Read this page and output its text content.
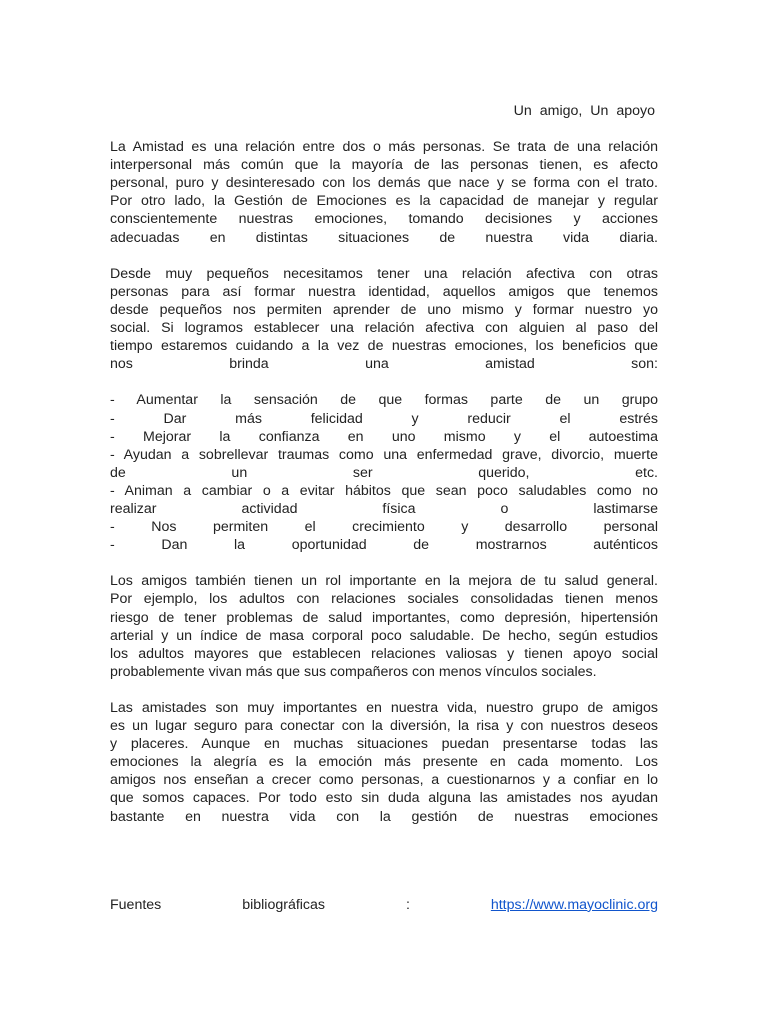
Un amigo, Un apoyo
La Amistad es una relación entre dos o más personas. Se trata de una relación
interpersonal más común que la mayoría de las personas tienen, es afecto
personal, puro y desinteresado con los demás que nace y se forma con el trato.
Por otro lado, la Gestión de Emociones es la capacidad de manejar y regular
conscientemente nuestras emociones, tomando decisiones y acciones
adecuadas en distintas situaciones de nuestra vida diaria.
Desde muy pequeños necesitamos tener una relación afectiva con otras
personas para así formar nuestra identidad, aquellos amigos que tenemos
desde pequeños nos permiten aprender de uno mismo y formar nuestro yo
social. Si logramos establecer una relación afectiva con alguien al paso del
tiempo estaremos cuidando a la vez de nuestras emociones, los beneficios que
nos brinda una amistad son:
- Aumentar la sensación de que formas parte de un grupo
- Dar más felicidad y reducir el estrés
- Mejorar la confianza en uno mismo y el autoestima
- Ayudan a sobrellevar traumas como una enfermedad grave, divorcio, muerte
de un ser querido, etc.
- Animan a cambiar o a evitar hábitos que sean poco saludables como no
realizar actividad física o lastimarse
- Nos permiten el crecimiento y desarrollo personal
- Dan la oportunidad de mostrarnos auténticos
Los amigos también tienen un rol importante en la mejora de tu salud general.
Por ejemplo, los adultos con relaciones sociales consolidadas tienen menos
riesgo de tener problemas de salud importantes, como depresión, hipertensión
arterial y un índice de masa corporal poco saludable. De hecho, según estudios
los adultos mayores que establecen relaciones valiosas y tienen apoyo social
probablemente vivan más que sus compañeros con menos vínculos sociales.
Las amistades son muy importantes en nuestra vida, nuestro grupo de amigos
es un lugar seguro para conectar con la diversión, la risa y con nuestros deseos
y placeres. Aunque en muchas situaciones puedan presentarse todas las
emociones la alegría es la emoción más presente en cada momento. Los
amigos nos enseñan a crecer como personas, a cuestionarnos y a confiar en lo
que somos capaces. Por todo esto sin duda alguna las amistades nos ayudan
bastante en nuestra vida con la gestión de nuestras emociones
Fuentes	bibliográficas	:	https://www.mayoclinic.org
